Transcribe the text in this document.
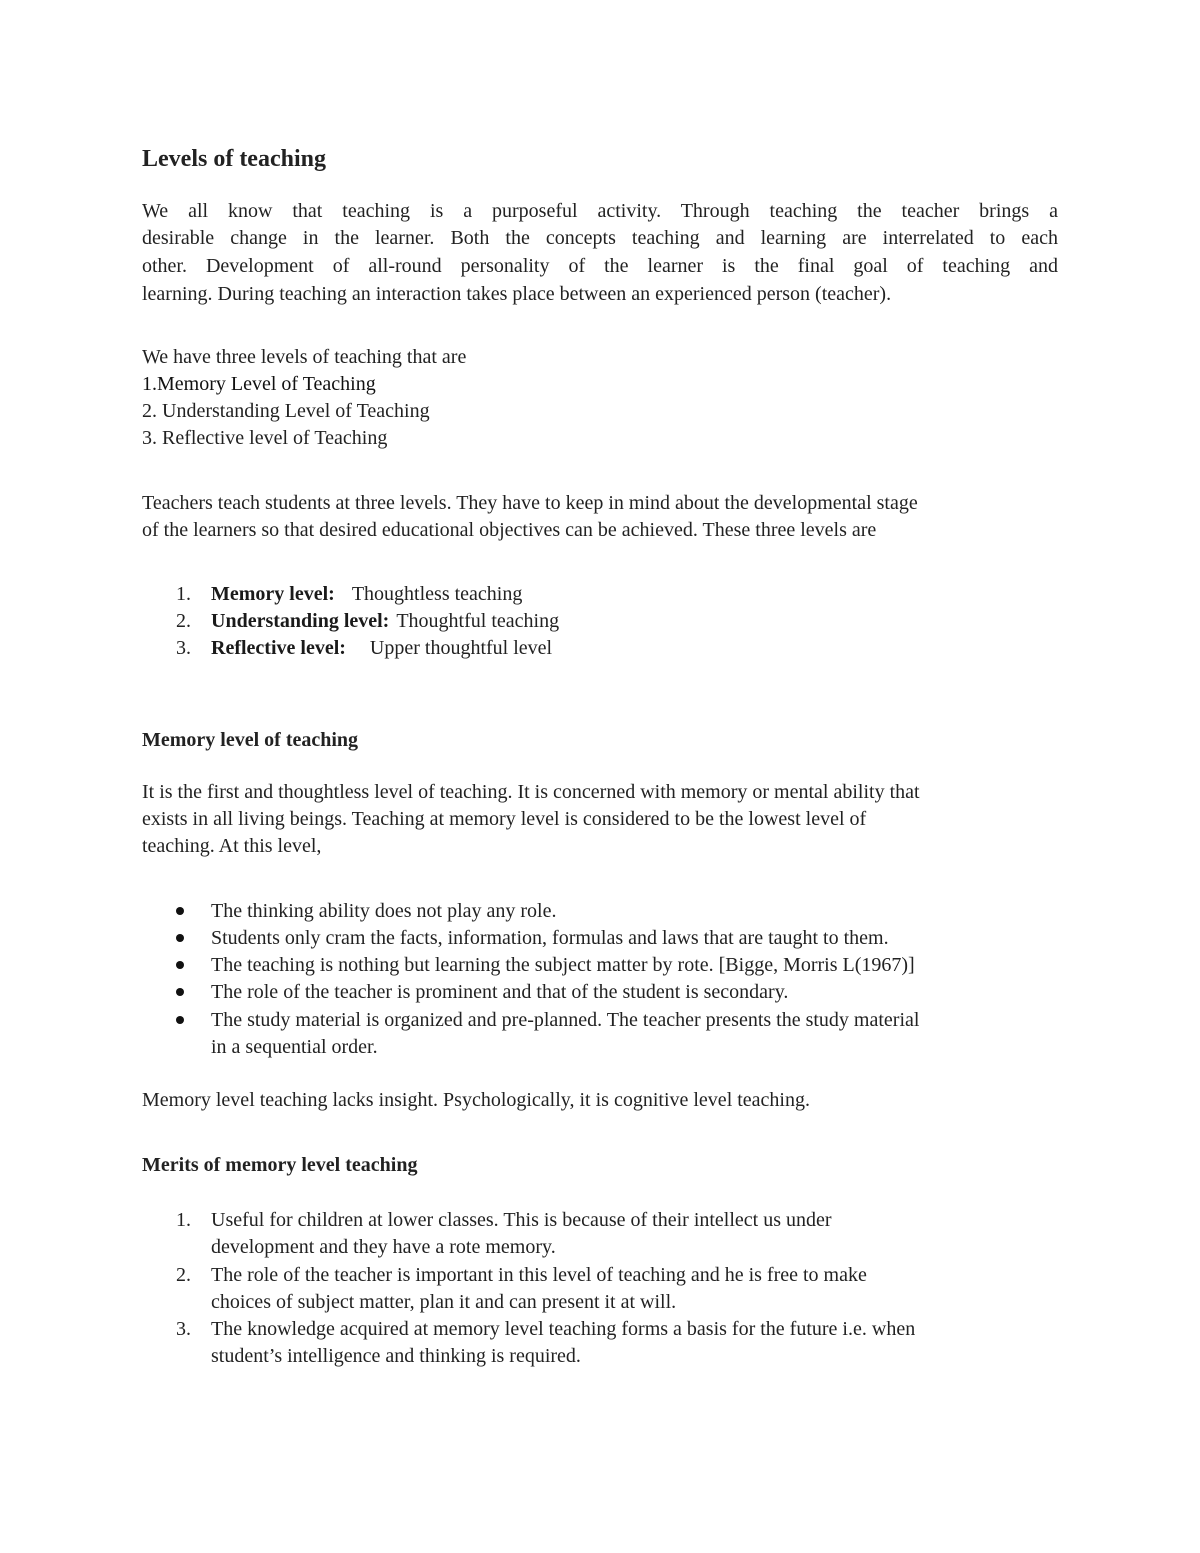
Levels of teaching

We all know that teaching is a purposeful activity. Through teaching the teacher brings a

desirable change in the learner. Both the concepts teaching and learning are interrelated to each

other. Development of all-round personality of the learner is the final goal of teaching and

learning. During teaching an interaction takes place between an experienced person (teacher).

We have three levels of teaching that are

1.Memory Level of Teaching

2. Understanding Level of Teaching

3. Reflective level of Teaching

Teachers teach students at three levels. They have to keep in mind about the developmental stage

of the learners so that desired educational objectives can be achieved. These three levels are

1.	Memory level: Thoughtless teaching
2.	Understanding level: Thoughtful teaching
3.	Reflective level: Upper thoughtful level
Memory level of teaching

It is the first and thoughtless level of teaching. It is concerned with memory or mental ability that

exists in all living beings. Teaching at memory level is considered to be the lowest level of

teaching. At this level,

The thinking ability does not play any role.
Students only cram the facts, information, formulas and laws that are taught to them.
The teaching is nothing but learning the subject matter by rote. [Bigge, Morris L(1967)]
The role of the teacher is prominent and that of the student is secondary.
The study material is organized and pre-planned. The teacher presents the study material
in a sequential order.

Memory level teaching lacks insight. Psychologically, it is cognitive level teaching.

Merits of memory level teaching
1.	Useful for children at lower classes. This is because of their intellect us under
development and they have a rote memory.
2.	The role of the teacher is important in this level of teaching and he is free to make
choices of subject matter, plan it and can present it at will.
3.	The knowledge acquired at memory level teaching forms a basis for the future i.e. when
student’s intelligence and thinking is required.
